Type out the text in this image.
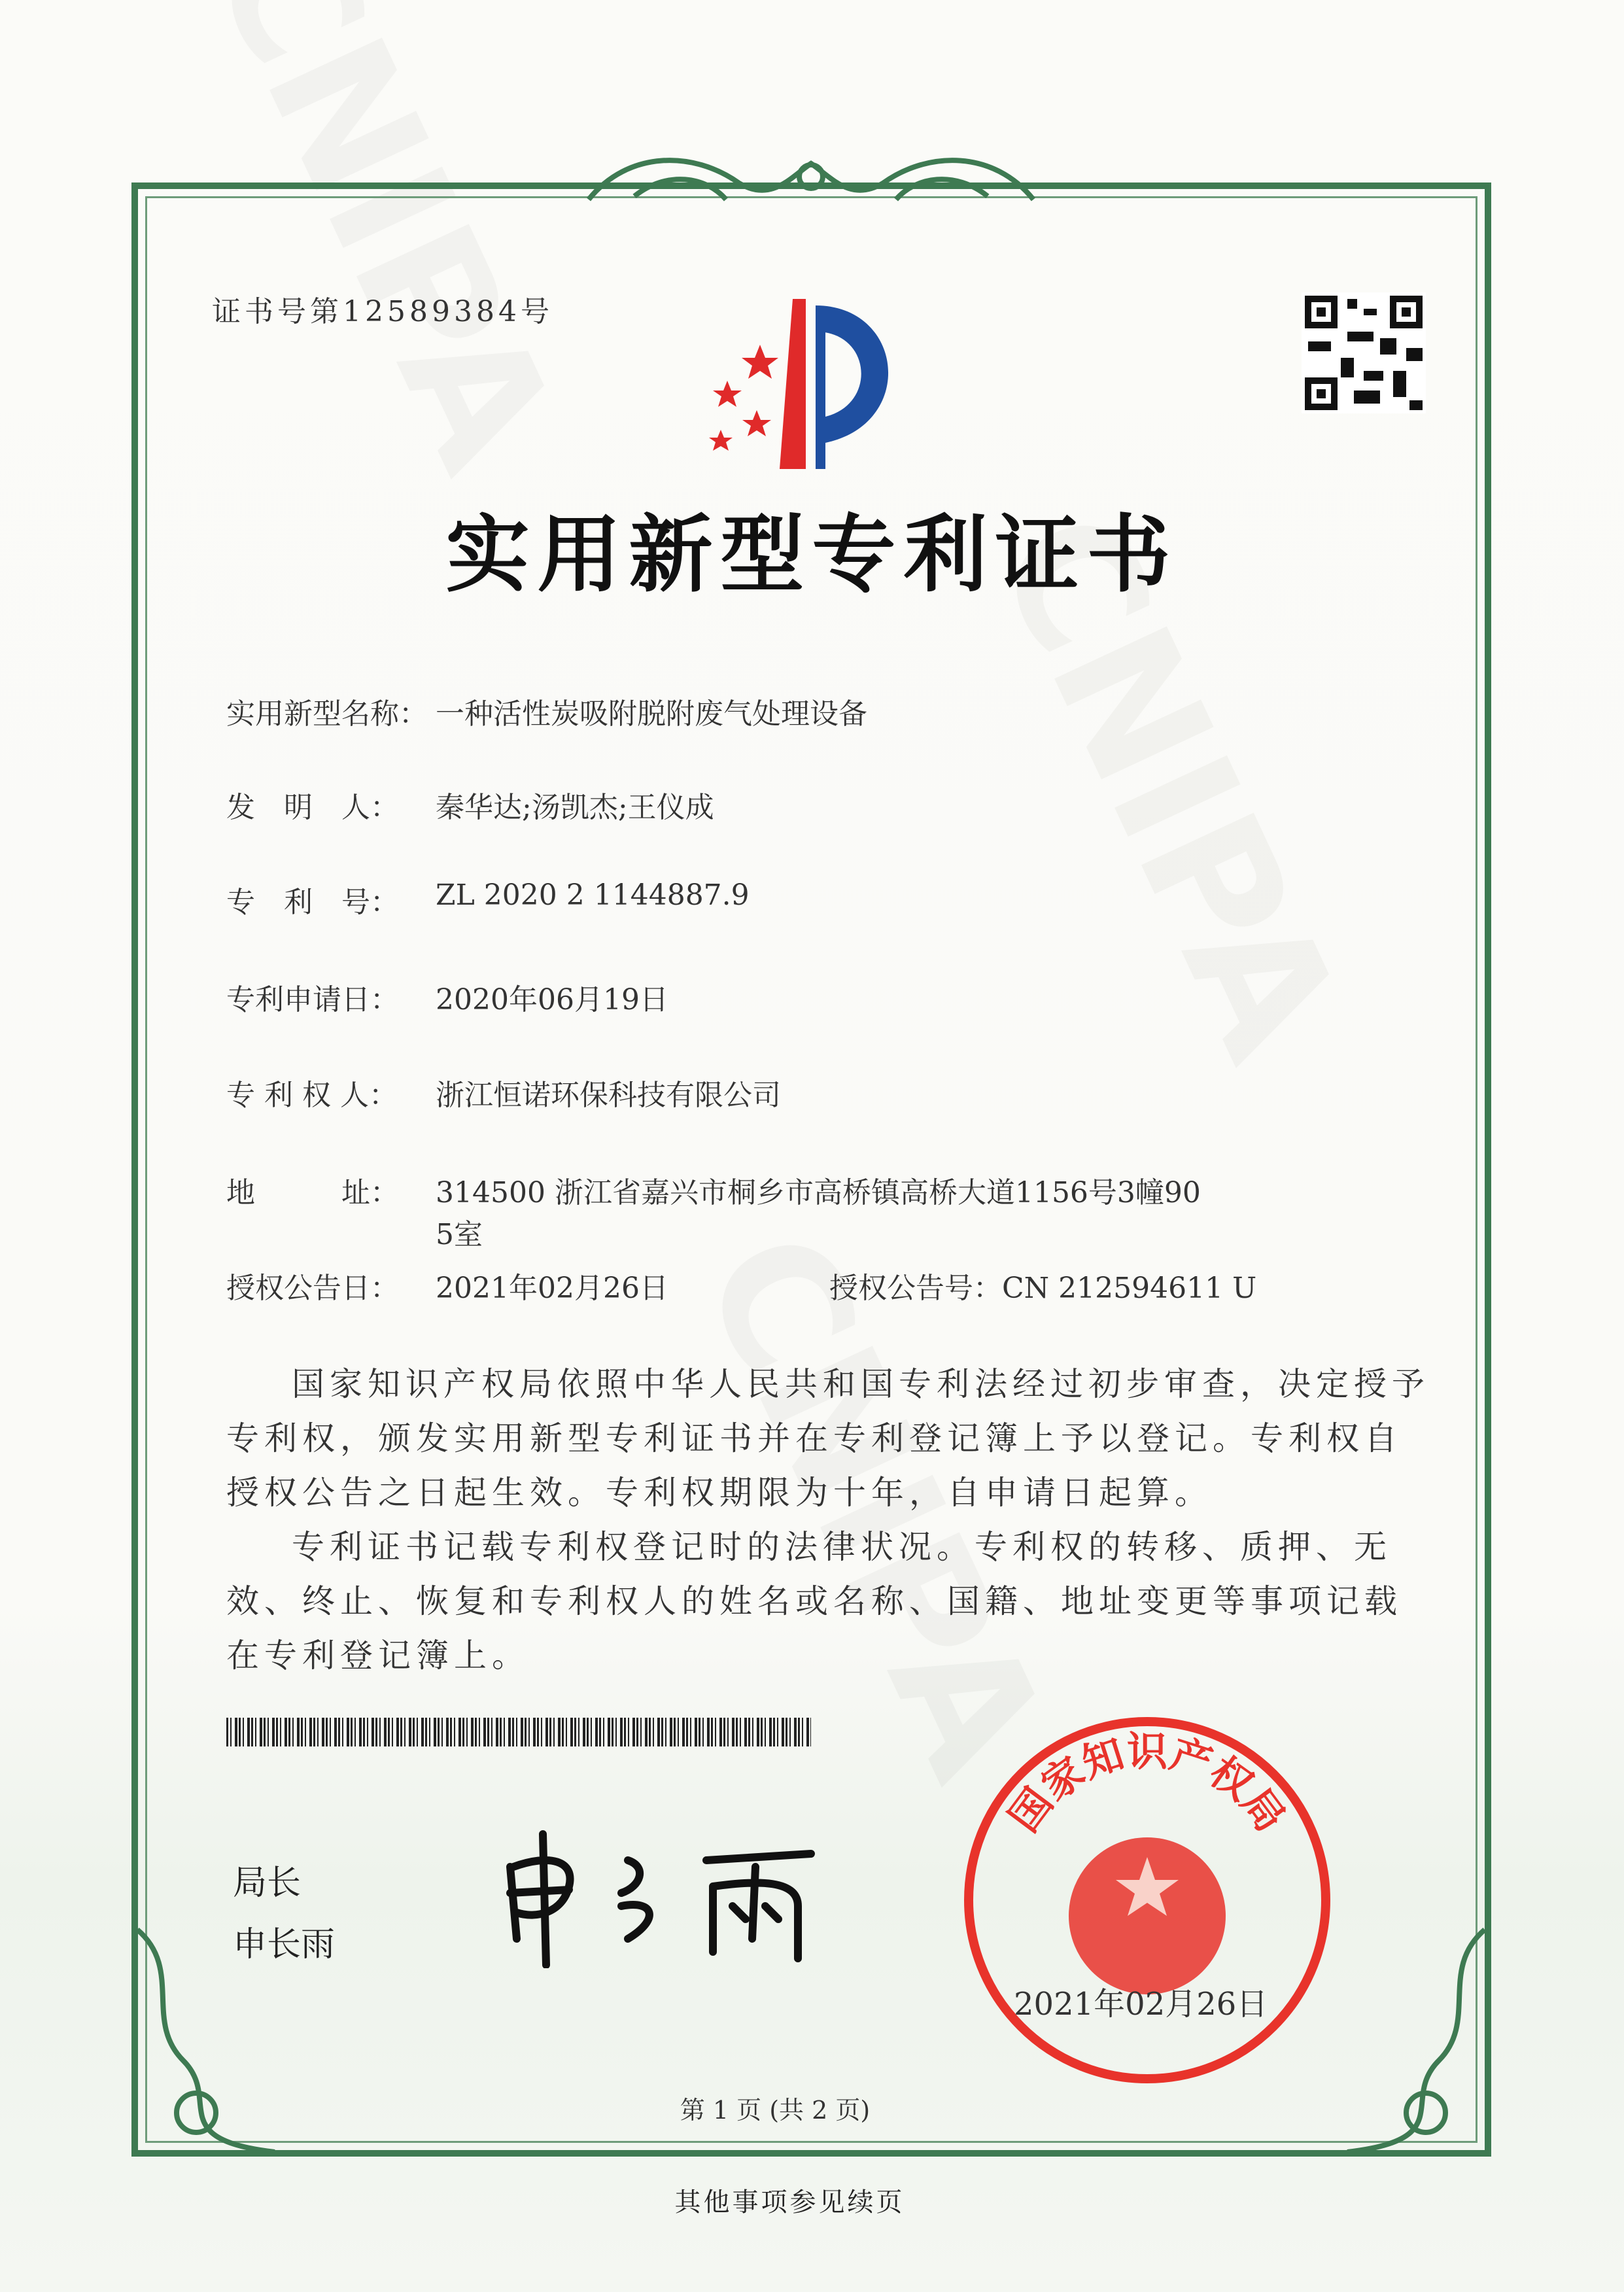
证书号第12589384号
实用新型专利证书
实用新型名称： 一种活性炭吸附脱附废气处理设备
发　明　人： 秦华达;汤凯杰;王仪成
专　利　号： ZL 2020 2 1144887.9
专利申请日： 2020年06月19日
专 利 权 人： 浙江恒诺环保科技有限公司
地　　　址： 314500 浙江省嘉兴市桐乡市高桥镇高桥大道1156号3幢90
5室
授权公告日： 2021年02月26日	授权公告号：CN 212594611 U

国家知识产权局依照中华人民共和国专利法经过初步审查，决定授予专利权，颁发实用新型专利证书并在专利登记簿上予以登记。专利权自授权公告之日起生效。专利权期限为十年，自申请日起算。

专利证书记载专利权登记时的法律状况。专利权的转移、质押、无效、终止、恢复和专利权人的姓名或名称、国籍、地址变更等事项记载在专利登记簿上。

局长
申长雨
国家知识产权局
2021年02月26日
第 1 页 (共 2 页)
其他事项参见续页
